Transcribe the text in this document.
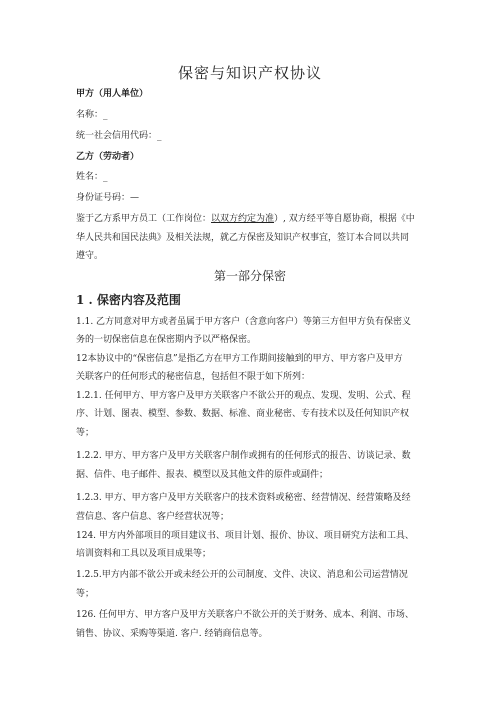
保密与知识产权协议
甲方（用人单位）
名称：_
统一社会信用代码：_
乙方（劳动者）
姓名：_
身份证号码：—
鉴于乙方系甲方员工（工作岗位：以双方约定为准）, 双方经平等自愿协商，根据《中
华人民共和国民法典》及相关法规，就乙方保密及知识产权事宜，签订本合同以共同
遵守。
第一部分保密
1 . 保密内容及范围
1.1. 乙方同意对甲方或者虽属于甲方客户（含意向客户）等第三方但甲方负有保密义
务的一切保密信息在保密期内予以严格保密。
12本协议中的“保密信息”是指乙方在甲方工作期间接触到的甲方、甲方客户及甲方
关联客户的任何形式的秘密信息，包括但不限于如下所列：
1.2.1. 任何甲方、甲方客户及甲方关联客户不欲公开的观点、发现、发明、公式、程
序、计划、图表、模型、参数、数据、标准、商业秘密、专有技术以及任何知识产权
等；
1.2.2. 甲方、甲方客户及甲方关联客户制作或拥有的任何形式的报告、访谈记录、数
据、信件、电子邮件、报表、模型以及其他文件的原件或副件；
1.2.3. 甲方、甲方客户及甲方关联客户的技术资料或秘密、经营情况、经营策略及经
营信息、客户信息、客户经营状况等；
124. 甲方内外部项目的项目建议书、项目计划、报价、协议、项目研究方法和工具、
培训资料和工具以及项目成果等；
1.2.5.甲方内部不欲公开或未经公开的公司制度、文件、决议、消息和公司运营情况
等；
126. 任何甲方、甲方客户及甲方关联客户不欲公开的关于财务、成本、利润、市场、
销售、协议、采购等渠道. 客户. 经销商信息等。
